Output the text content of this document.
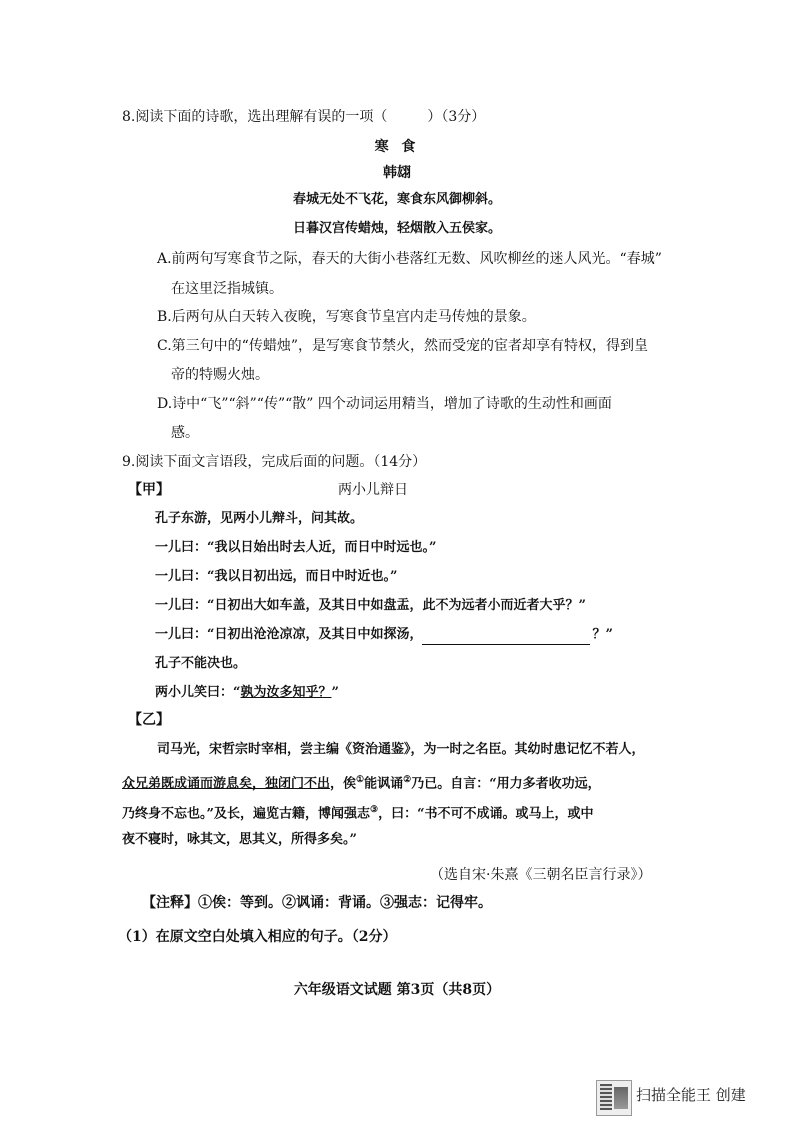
8.阅读下面的诗歌，选出理解有误的一项（	）（3分）
寒 食
韩翃
春城无处不飞花，寒食东风御柳斜。
日暮汉宫传蜡烛，轻烟散入五侯家。
A.前两句写寒食节之际，春天的大街小巷落红无数、风吹柳丝的迷人风光。“春城”
在这里泛指城镇。
B.后两句从白天转入夜晚，写寒食节皇宫内走马传烛的景象。
C.第三句中的“传蜡烛”，是写寒食节禁火，然而受宠的宦者却享有特权，得到皇
帝的特赐火烛。
D.诗中“飞”“斜”“传”“散” 四个动词运用精当，增加了诗歌的生动性和画面
感。
9.阅读下面文言语段，完成后面的问题。（14分）
【甲】	两小儿辩日
孔子东游，见两小儿辩斗，问其故。
一儿曰：“我以日始出时去人近，而日中时远也。”
一儿曰：“我以日初出远，而日中时近也。”
一儿曰：“日初出大如车盖，及其日中如盘盂，此不为远者小而近者大乎？”
一儿曰：“日初出沧沧凉凉，及其日中如探汤，	？”
孔子不能决也。
两小儿笑曰：“孰为汝多知乎？”
【乙】
司马光，宋哲宗时宰相，尝主编《资治通鉴》，为一时之名臣。其幼时患记忆不若人，
众兄弟既成诵而游息矣，独闭门不出，俟①能讽诵②乃已。自言：“用力多者收功远，
乃终身不忘也。”及长，遍览古籍，博闻强志③，曰：“书不可不成诵。或马上，或中
夜不寝时，咏其文，思其义，所得多矣。”
（选自宋·朱熹《三朝名臣言行录》）
【注释】①俟：等到。②讽诵：背诵。③强志：记得牢。
（1）在原文空白处填入相应的句子。（2分）
六年级语文试题 第3页（共8页）
扫描全能王 创建
